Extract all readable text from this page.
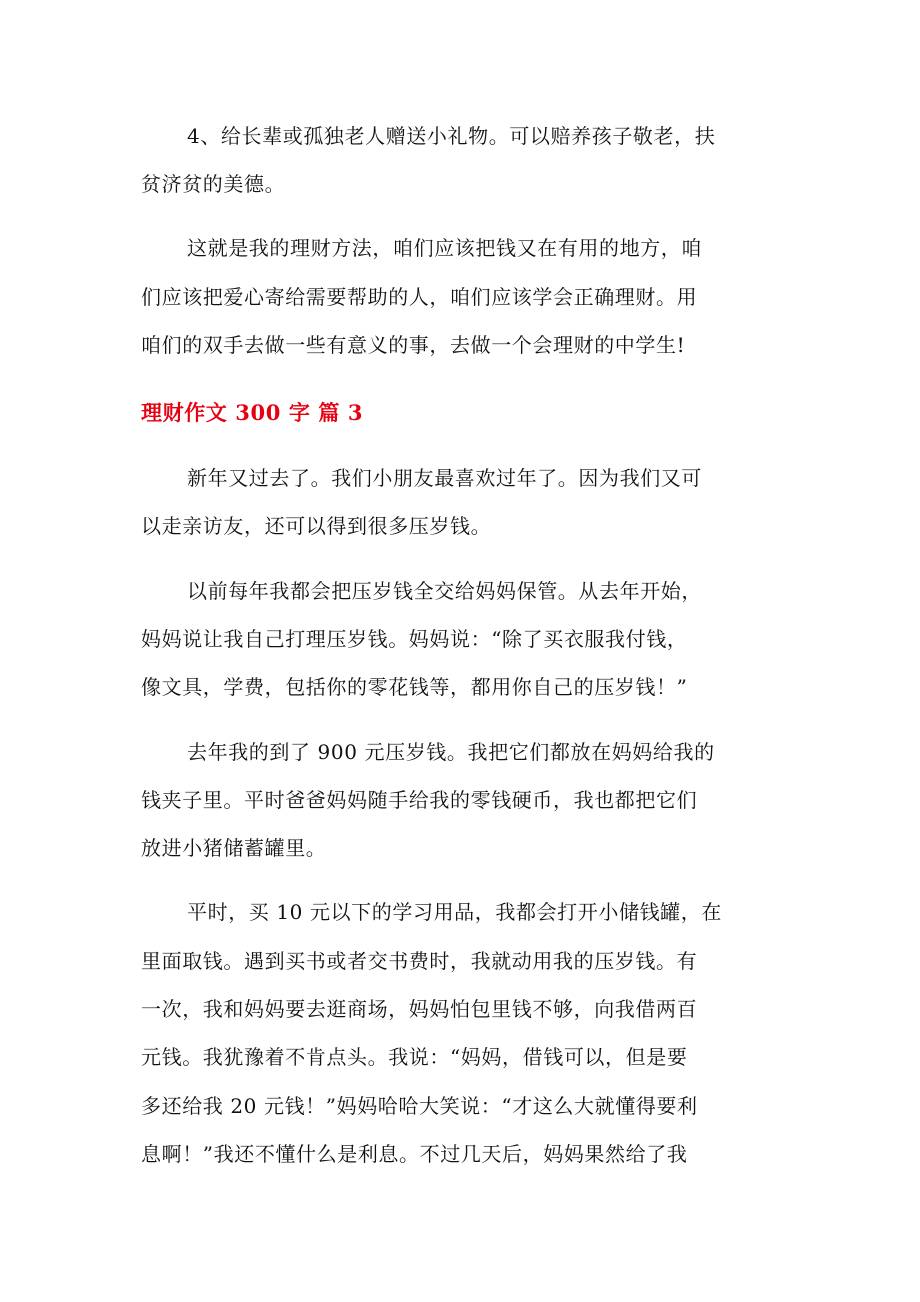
4、给长辈或孤独老人赠送小礼物。可以赔养孩子敬老，扶
贫济贫的美德。
这就是我的理财方法，咱们应该把钱又在有用的地方，咱
们应该把爱心寄给需要帮助的人，咱们应该学会正确理财。用
咱们的双手去做一些有意义的事，去做一个会理财的中学生!
理财作文 300 字 篇 3
新年又过去了。我们小朋友最喜欢过年了。因为我们又可
以走亲访友，还可以得到很多压岁钱。
以前每年我都会把压岁钱全交给妈妈保管。从去年开始，
妈妈说让我自己打理压岁钱。妈妈说：“除了买衣服我付钱，
像文具，学费，包括你的零花钱等，都用你自己的压岁钱！”
去年我的到了 900 元压岁钱。我把它们都放在妈妈给我的
钱夹子里。平时爸爸妈妈随手给我的零钱硬币，我也都把它们
放进小猪储蓄罐里。
平时，买 10 元以下的学习用品，我都会打开小储钱罐，在
里面取钱。遇到买书或者交书费时，我就动用我的压岁钱。有
一次，我和妈妈要去逛商场，妈妈怕包里钱不够，向我借两百
元钱。我犹豫着不肯点头。我说：“妈妈，借钱可以，但是要
多还给我 20 元钱！”妈妈哈哈大笑说：“才这么大就懂得要利
息啊！”我还不懂什么是利息。不过几天后，妈妈果然给了我
